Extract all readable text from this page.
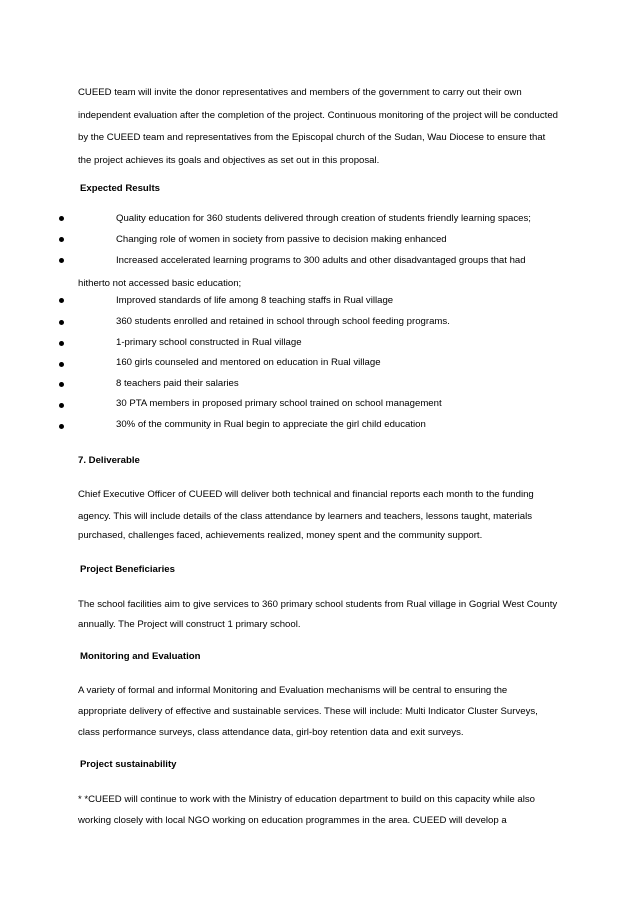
CUEED team will invite the donor representatives and members of the government to carry out their own
independent evaluation after the completion of the project. Continuous monitoring of the project will be conducted
by the CUEED team and representatives from the Episcopal church of the Sudan, Wau Diocese to ensure that
the project achieves its goals and objectives as set out in this proposal.
Expected Results
Quality education for 360 students delivered through creation of students friendly learning spaces;
Changing role of women in society from passive to decision making enhanced
Increased accelerated learning programs to 300 adults and other disadvantaged groups that had
hitherto not accessed basic education;
Improved standards of life among 8 teaching staffs in Rual village
360 students enrolled and retained in school through school feeding programs.
1-primary school constructed in Rual village
160 girls counseled and mentored on education in Rual village
8 teachers paid their salaries
30 PTA members in proposed primary school trained on school management
30% of the community in Rual begin to appreciate the girl child education
7. Deliverable
Chief Executive Officer of CUEED will deliver both technical and financial reports each month to the funding
agency. This will include details of the class attendance by learners and teachers, lessons taught, materials
purchased, challenges faced, achievements realized, money spent and the community support.
Project Beneficiaries
The school facilities aim to give services to 360 primary school students from Rual village in Gogrial West County
annually. The Project will construct 1 primary school.
Monitoring and Evaluation
A variety of formal and informal Monitoring and Evaluation mechanisms will be central to ensuring the
appropriate delivery of effective and sustainable services. These will include: Multi Indicator Cluster Surveys,
class performance surveys, class attendance data, girl-boy retention data and exit surveys.
Project sustainability
* *CUEED will continue to work with the Ministry of education department to build on this capacity while also
working closely with local NGO working on education programmes in the area. CUEED will develop a
